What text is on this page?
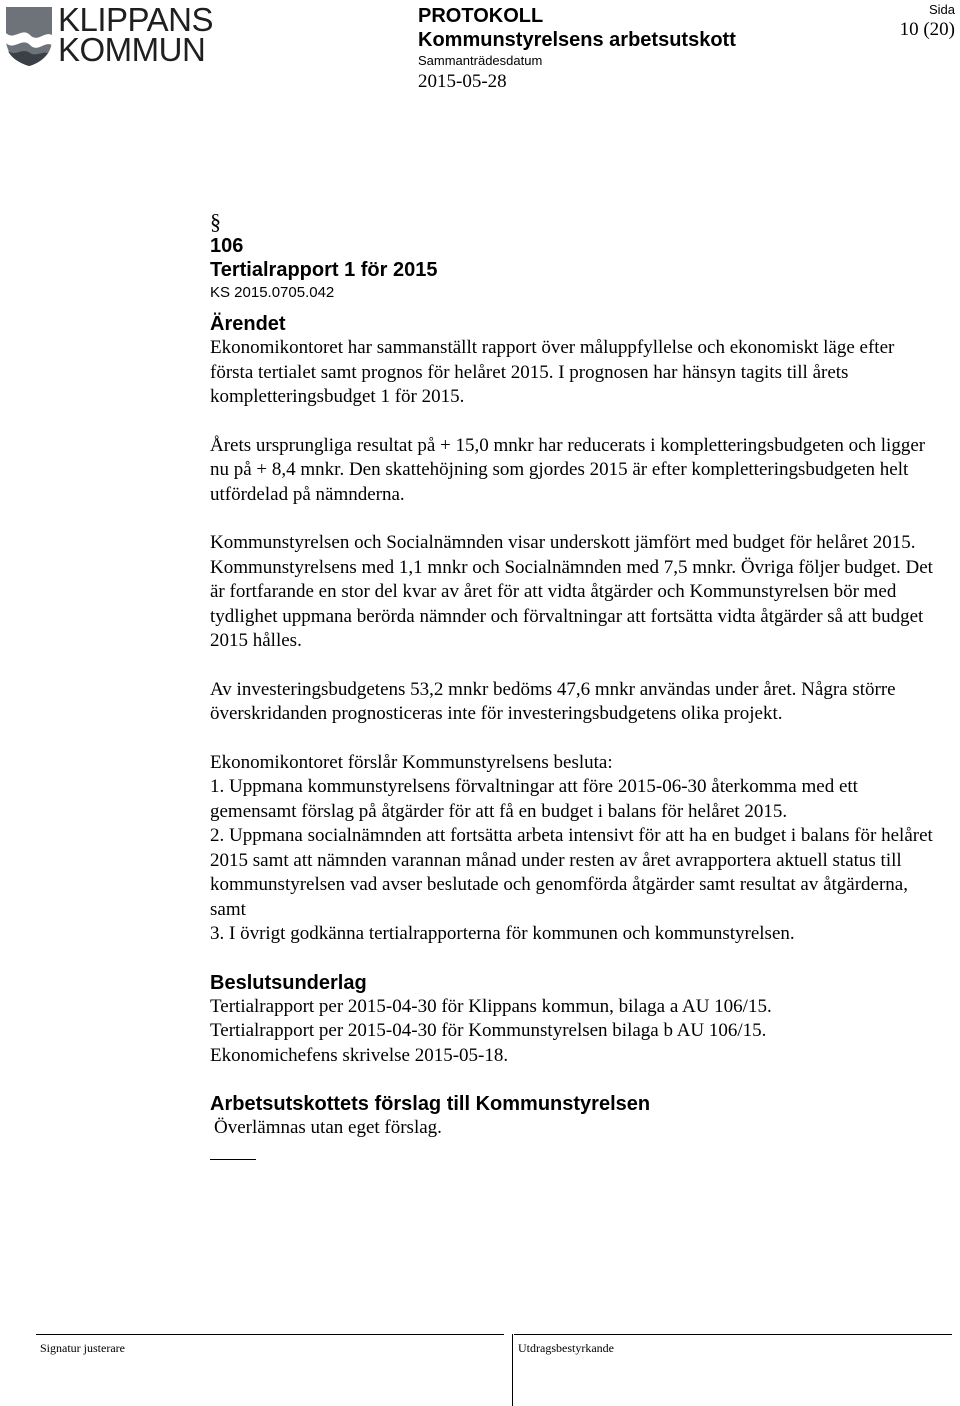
KLIPPANS
KOMMUN
PROTOKOLL
Kommunstyrelsens arbetsutskott
Sammanträdesdatum
2015-05-28
Sida
10 (20)
§
106
Tertialrapport 1 för 2015
KS 2015.0705.042
Ärendet

Ekonomikontoret har sammanställt rapport över måluppfyllelse och ekonomiskt läge efter första tertialet samt prognos för helåret 2015. I prognosen har hänsyn tagits till årets kompletteringsbudget 1 för 2015.

Årets ursprungliga resultat på + 15,0 mnkr har reducerats i kompletteringsbudgeten och ligger nu på + 8,4 mnkr. Den skattehöjning som gjordes 2015 är efter kompletteringsbudgeten helt utfördelad på nämnderna.

Kommunstyrelsen och Socialnämnden visar underskott jämfört med budget för helåret 2015. Kommunstyrelsens med 1,1 mnkr och Socialnämnden med 7,5 mnkr. Övriga följer budget. Det är fortfarande en stor del kvar av året för att vidta åtgärder och Kommunstyrelsen bör med tydlighet uppmana berörda nämnder och förvaltningar att fortsätta vidta åtgärder så att budget 2015 hålles.

Av investeringsbudgetens 53,2 mnkr bedöms 47,6 mnkr användas under året. Några större överskridanden prognosticeras inte för investeringsbudgetens olika projekt.

Ekonomikontoret förslår Kommunstyrelsens besluta:

1. Uppmana kommunstyrelsens förvaltningar att före 2015-06-30 återkomma med ett gemensamt förslag på åtgärder för att få en budget i balans för helåret 2015.

2. Uppmana socialnämnden att fortsätta arbeta intensivt för att ha en budget i balans för helåret 2015 samt att nämnden varannan månad under resten av året avrapportera aktuell status till kommunstyrelsen vad avser beslutade och genomförda åtgärder samt resultat av åtgärderna, samt

3. I övrigt godkänna tertialrapporterna för kommunen och kommunstyrelsen.

Beslutsunderlag

Tertialrapport per 2015-04-30 för Klippans kommun, bilaga a AU 106/15.

Tertialrapport per 2015-04-30 för Kommunstyrelsen bilaga b AU 106/15.

Ekonomichefens skrivelse 2015-05-18.

Arbetsutskottets förslag till Kommunstyrelsen

Överlämnas utan eget förslag.

Signatur justerare	Utdragsbestyrkande
